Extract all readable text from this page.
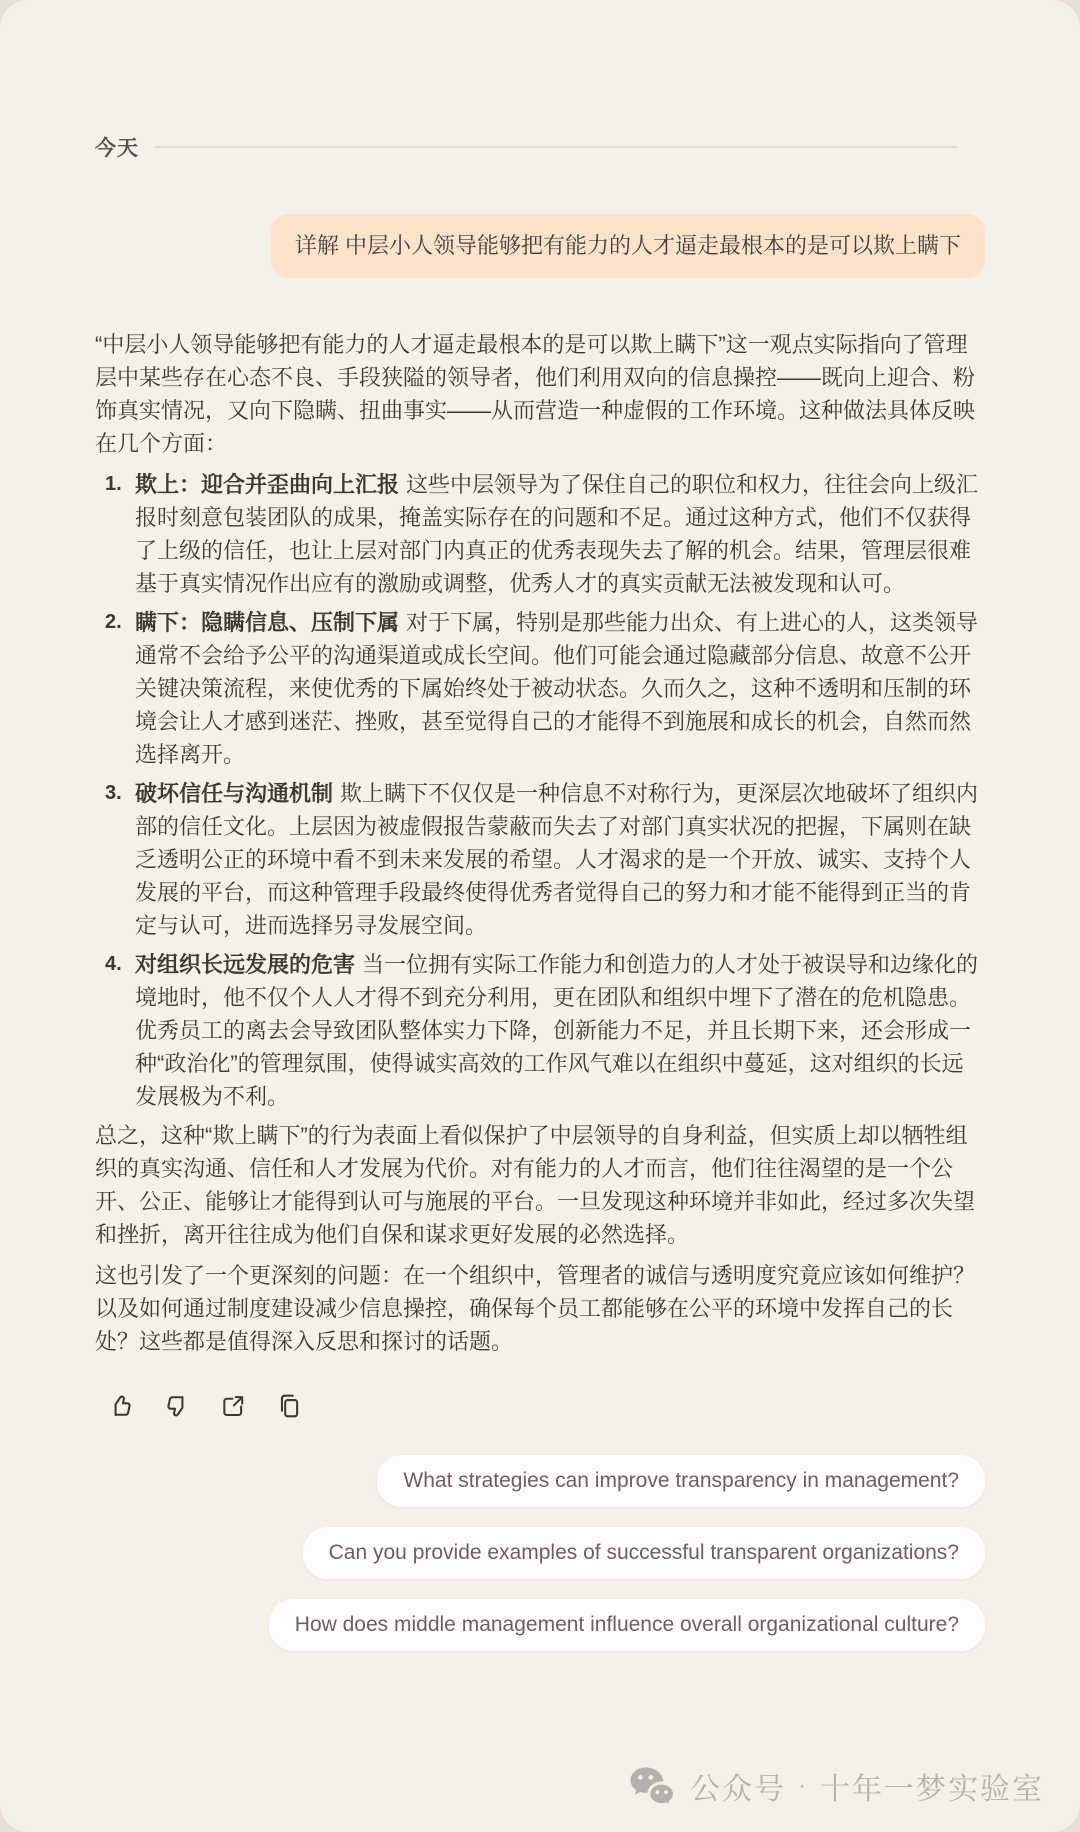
今天
详解 中层小人领导能够把有能力的人才逼走最根本的是可以欺上瞒下

“中层小人领导能够把有能力的人才逼走最根本的是可以欺上瞒下”这一观点实际指向了管理层中某些存在心态不良、手段狭隘的领导者，他们利用双向的信息操控——既向上迎合、粉饰真实情况，又向下隐瞒、扭曲事实——从而营造一种虚假的工作环境。这种做法具体反映在几个方面：

1. 欺上：迎合并歪曲向上汇报 这些中层领导为了保住自己的职位和权力，往往会向上级汇报时刻意包装团队的成果，掩盖实际存在的问题和不足。通过这种方式，他们不仅获得了上级的信任，也让上层对部门内真正的优秀表现失去了解的机会。结果，管理层很难基于真实情况作出应有的激励或调整，优秀人才的真实贡献无法被发现和认可。
2. 瞒下：隐瞒信息、压制下属 对于下属，特别是那些能力出众、有上进心的人，这类领导通常不会给予公平的沟通渠道或成长空间。他们可能会通过隐藏部分信息、故意不公开关键决策流程，来使优秀的下属始终处于被动状态。久而久之，这种不透明和压制的环境会让人才感到迷茫、挫败，甚至觉得自己的才能得不到施展和成长的机会，自然而然选择离开。
3. 破坏信任与沟通机制 欺上瞒下不仅仅是一种信息不对称行为，更深层次地破坏了组织内部的信任文化。上层因为被虚假报告蒙蔽而失去了对部门真实状况的把握，下属则在缺乏透明公正的环境中看不到未来发展的希望。人才渴求的是一个开放、诚实、支持个人发展的平台，而这种管理手段最终使得优秀者觉得自己的努力和才能不能得到正当的肯定与认可，进而选择另寻发展空间。
4. 对组织长远发展的危害 当一位拥有实际工作能力和创造力的人才处于被误导和边缘化的境地时，他不仅个人人才得不到充分利用，更在团队和组织中埋下了潜在的危机隐患。优秀员工的离去会导致团队整体实力下降，创新能力不足，并且长期下来，还会形成一种“政治化”的管理氛围，使得诚实高效的工作风气难以在组织中蔓延，这对组织的长远发展极为不利。

总之，这种“欺上瞒下”的行为表面上看似保护了中层领导的自身利益，但实质上却以牺牲组织的真实沟通、信任和人才发展为代价。对有能力的人才而言，他们往往渴望的是一个公开、公正、能够让才能得到认可与施展的平台。一旦发现这种环境并非如此，经过多次失望和挫折，离开往往成为他们自保和谋求更好发展的必然选择。

这也引发了一个更深刻的问题：在一个组织中，管理者的诚信与透明度究竟应该如何维护？以及如何通过制度建设减少信息操控，确保每个员工都能够在公平的环境中发挥自己的长处？这些都是值得深入反思和探讨的话题。

What strategies can improve transparency in management?
Can you provide examples of successful transparent organizations?
How does middle management influence overall organizational culture?
公众号 · 十年一梦实验室
